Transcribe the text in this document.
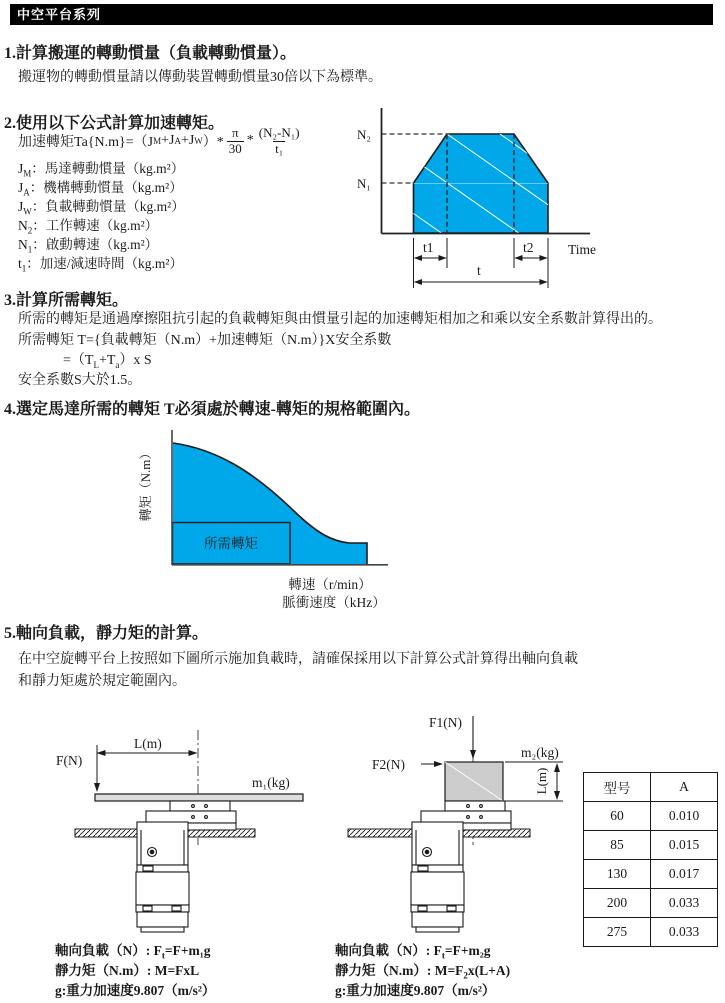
中空平台系列
1.計算搬運的轉動慣量（負載轉動慣量）。
搬運物的轉動慣量請以傳動裝置轉動慣量30倍以下為標準。
2.使用以下公式計算加速轉矩。
加速轉矩Ta{N.m}=（J M +J A +J W ）* $\frac{\pi}{30} * \frac{\text{(N₂-N₁)}}{\text{t₁}}$
$J_M$：馬達轉動慣量（kg.m²）
$J_A$：機構轉動慣量（kg.m²）
$J_W$：負載轉動慣量（kg.m²）
$N_2$：工作轉速（kg.m²）
$N_1$：啟動轉速（kg.m²）
$t_1$：加速/減速時間（kg.m²）
N₂
N₁
t1	t2
t
Time
3.計算所需轉矩。
所需的轉矩是通過摩擦阻抗引起的負載轉矩與由慣量引起的加速轉矩相加之和乘以安全系數計算得出的。
所需轉矩 T={負載轉矩（N.m）+加速轉矩（N.m）}X安全系數
$=(T_L+T_a)x$ S
安全系數S大於1.5。
4.選定馬達所需的轉矩 T必須處於轉速-轉矩的規格範圍內。
所需轉矩
轉矩（N.m）
轉速（r/min）
脈衝速度（kHz）
5.軸向負載，靜力矩的計算。
在中空旋轉平台上按照如下圖所示施加負載時，請確保採用以下計算公式計算得出軸向負載
和靜力矩處於規定範圍內。
L(m)
F(N)
m₁(kg)
F1(N)
F2(N)
m₂(kg)
L(m)	型号	A
60	0.010
85	0.015
130	0.017
200	0.033
275	0.033
軸向負載（N）: $F_t=F+m_1g$
靜力矩（N.m）: M=FxL
g:重力加速度9.807（m/s²）
軸向負載（N）: $F_t=F+m_2g$
靜力矩（N.m）: $M=F_2x(L+A)$
g:重力加速度9.807（m/s²）
